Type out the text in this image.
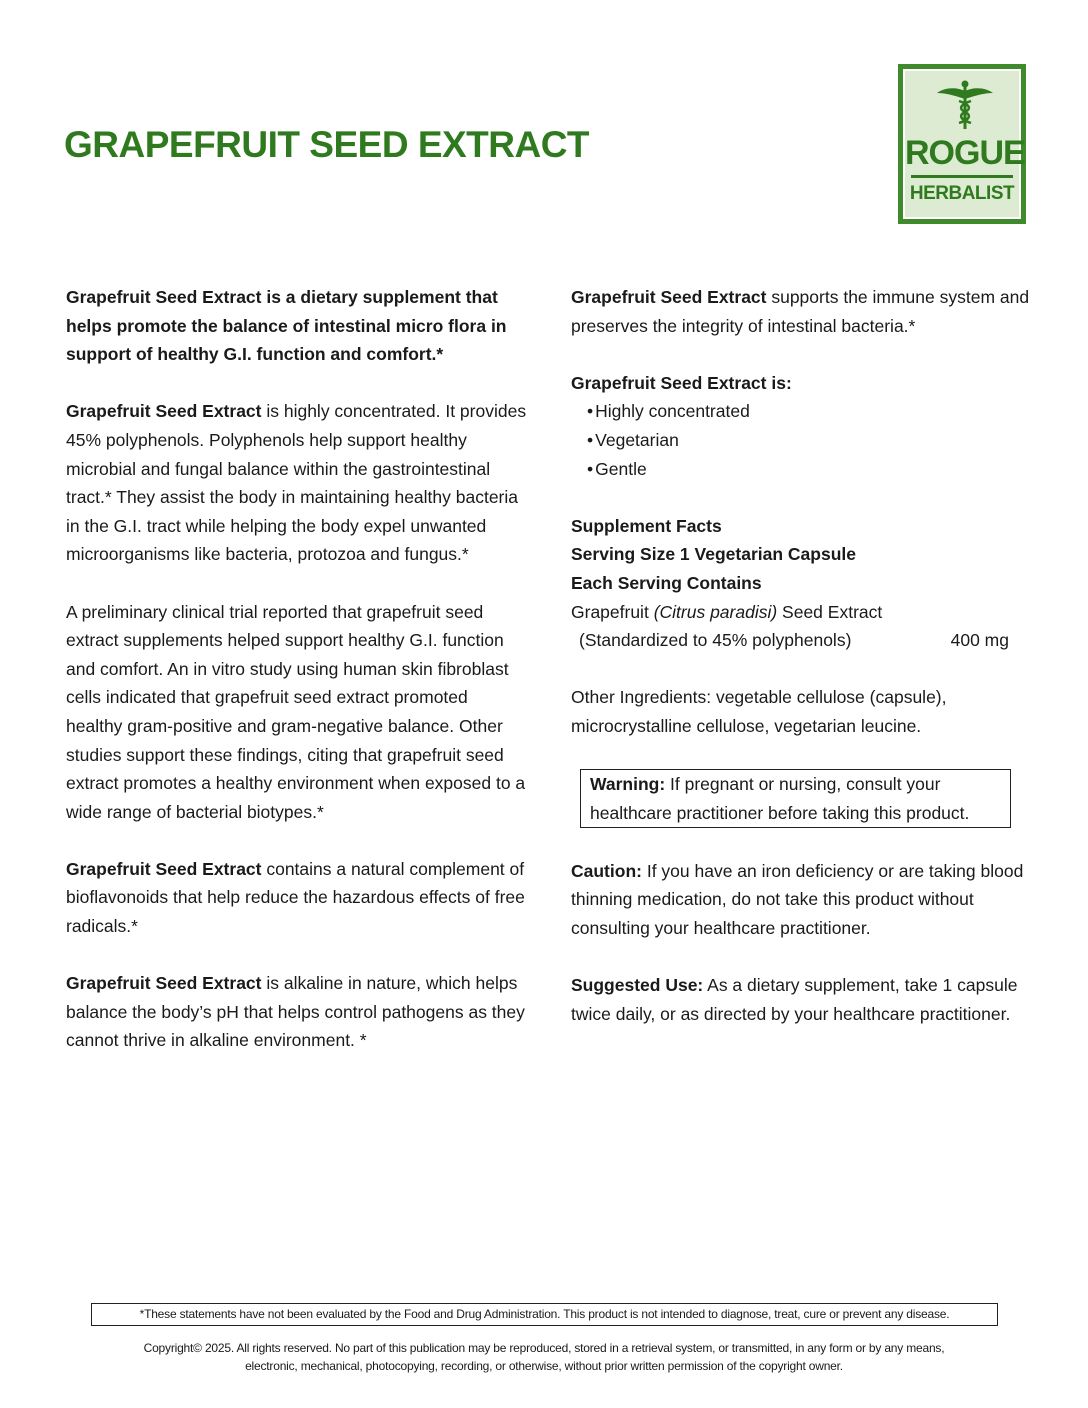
GRAPEFRUIT SEED EXTRACT	ROGUE
HERBALIST

Grapefruit Seed Extract is a dietary supplement that helps promote the balance of intestinal micro flora in support of healthy G.I. function and comfort.*

Grapefruit Seed Extract is highly concentrated. It provides 45% polyphenols. Polyphenols help support healthy microbial and fungal balance within the gastrointestinal tract.* They assist the body in maintaining healthy bacteria in the G.I. tract while helping the body expel unwanted microorganisms like bacteria, protozoa and fungus.*

A preliminary clinical trial reported that grapefruit seed extract supplements helped support healthy G.I. function and comfort. An in vitro study using human skin fibroblast cells indicated that grapefruit seed extract promoted healthy gram-positive and gram-negative balance. Other studies support these findings, citing that grapefruit seed extract promotes a healthy environment when exposed to a wide range of bacterial biotypes.*

Grapefruit Seed Extract contains a natural complement of bioflavonoids that help reduce the hazardous effects of free radicals.*

Grapefruit Seed Extract is alkaline in nature, which helps balance the body’s pH that helps control pathogens as they cannot thrive in alkaline environment. *

Grapefruit Seed Extract supports the immune system and preserves the integrity of intestinal bacteria.*

Grapefruit Seed Extract is:
• Highly concentrated
• Vegetarian
• Gentle
Supplement Facts
Serving Size 1 Vegetarian Capsule
Each Serving Contains
Grapefruit (Citrus paradisi) Seed Extract
(Standardized to 45% polyphenols)	400 mg

Other Ingredients: vegetable cellulose (capsule), microcrystalline cellulose, vegetarian leucine.

Warning: If pregnant or nursing, consult your healthcare practitioner before taking this product.

Caution: If you have an iron deficiency or are taking blood thinning medication, do not take this product without consulting your healthcare practitioner.

Suggested Use: As a dietary supplement, take 1 capsule twice daily, or as directed by your healthcare practitioner.

*These statements have not been evaluated by the Food and Drug Administration. This product is not intended to diagnose, treat, cure or prevent any disease.
Copyright© 2025. All rights reserved. No part of this publication may be reproduced, stored in a retrieval system, or transmitted, in any form or by any means,
electronic, mechanical, photocopying, recording, or otherwise, without prior written permission of the copyright owner.
